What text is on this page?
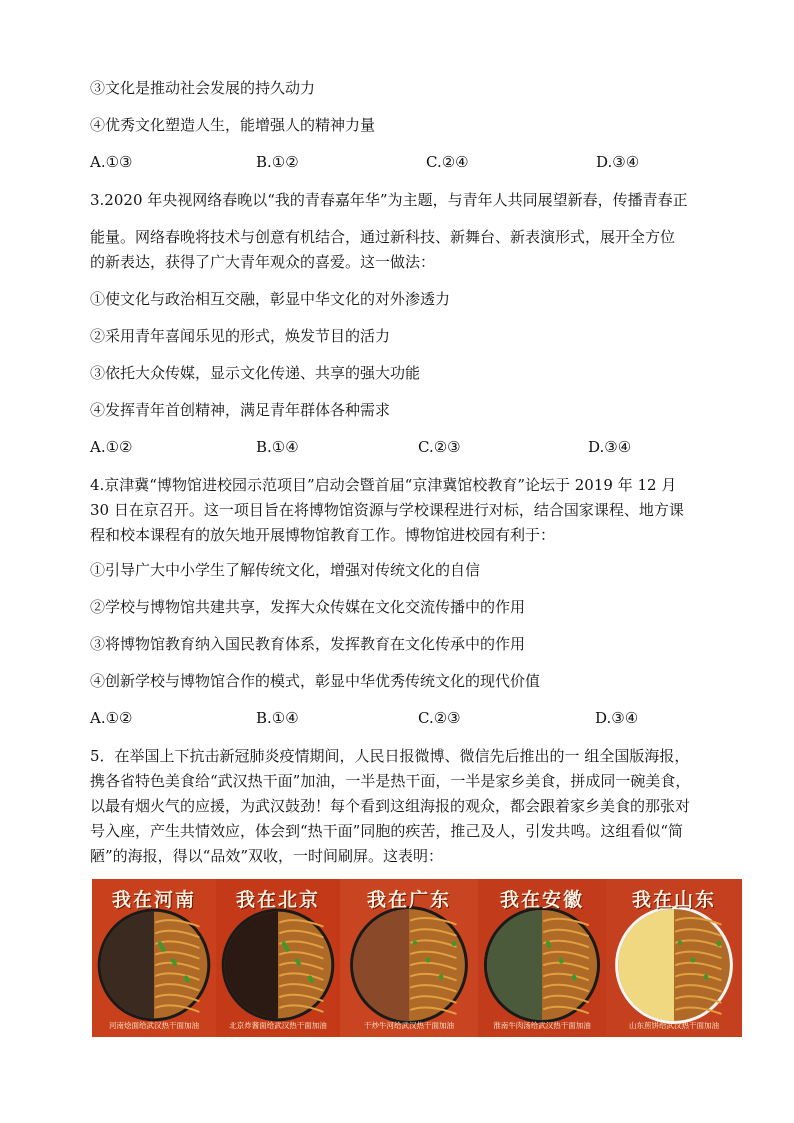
③文化是推动社会发展的持久动力
④优秀文化塑造人生，能增强人的精神力量
A.①③	B.①②	C.②④	D.③④
3.2020 年央视网络春晚以“我的青春嘉年华”为主题，与青年人共同展望新春，传播青春正
能量。网络春晚将技术与创意有机结合，通过新科技、新舞台、新表演形式，展开全方位
的新表达，获得了广大青年观众的喜爱。这一做法：
①使文化与政治相互交融，彰显中华文化的对外渗透力
②采用青年喜闻乐见的形式，焕发节目的活力
③依托大众传媒，显示文化传递、共享的强大功能
④发挥青年首创精神，满足青年群体各种需求
A.①②	B.①④	C.②③	D.③④
4.京津冀“博物馆进校园示范项目”启动会暨首届“京津冀馆校教育”论坛于 2019 年 12 月
30 日在京召开。这一项目旨在将博物馆资源与学校课程进行对标，结合国家课程、地方课
程和校本课程有的放矢地开展博物馆教育工作。博物馆进校园有利于：
①引导广大中小学生了解传统文化，增强对传统文化的自信
②学校与博物馆共建共享，发挥大众传媒在文化交流传播中的作用
③将博物馆教育纳入国民教育体系，发挥教育在文化传承中的作用
④创新学校与博物馆合作的模式，彰显中华优秀传统文化的现代价值
A.①②	B.①④	C.②③	D.③④
5．在举国上下抗击新冠肺炎疫情期间，人民日报微博、微信先后推出的一 组全国版海报，
携各省特色美食给“武汉热干面”加油，一半是热干面，一半是家乡美食，拼成同一碗美食，
以最有烟火气的应援，为武汉鼓劲！每个看到这组海报的观众，都会跟着家乡美食的那张对
号入座，产生共情效应，体会到“热干面”同胞的疾苦，推己及人，引发共鸣。这组看似“简
陋”的海报，得以“品效”双收，一时间刷屏。这表明：
我在河南
河南烩面给武汉热干面加油
我在北京
北京炸酱面给武汉热干面加油
我在广东
干炒牛河给武汉热干面加油
我在安徽
淮南牛肉汤给武汉热干面加油
我在山东
山东煎饼给武汉热干面加油
